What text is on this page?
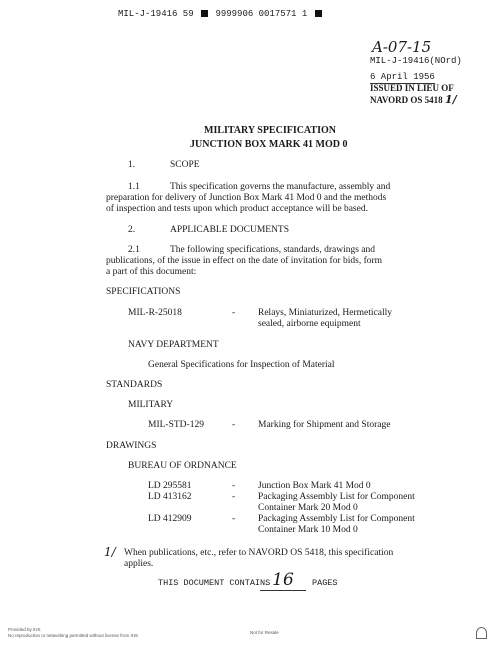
MIL-J-19416 59 9999906 0017571 1
A-07-15
MIL-J-19416(NOrd)
6 April 1956
ISSUED IN LIEU OF
NAVORD OS 5418 1/
MILITARY SPECIFICATION
JUNCTION BOX MARK 41 MOD 0
1.	SCOPE
1.1	This specification governs the manufacture, assembly and
preparation for delivery of Junction Box Mark 41 Mod 0 and the methods
of inspection and tests upon which product acceptance will be based.
2.	APPLICABLE DOCUMENTS
2.1	The following specifications, standards, drawings and
publications, of the issue in effect on the date of invitation for bids, form
a part of this document:
SPECIFICATIONS
MIL-R-25018	- Relays, Miniaturized, Hermetically
sealed, airborne equipment
NAVY DEPARTMENT
General Specifications for Inspection of Material
STANDARDS
MILITARY
MIL-STD-129	- Marking for Shipment and Storage
DRAWINGS
BUREAU OF ORDNANCE
LD 295581	- Junction Box Mark 41 Mod 0
LD 413162	- Packaging Assembly List for Component
Container Mark 20 Mod 0
LD 412909	- Packaging Assembly List for Component
Container Mark 10 Mod 0
1/ When publications, etc., refer to NAVORD OS 5418, this specification
applies.
THIS DOCUMENT CONTAINS 16	PAGES
Provided by IHS
No reproduction or networking permitted without license from IHS
Not for Resale
